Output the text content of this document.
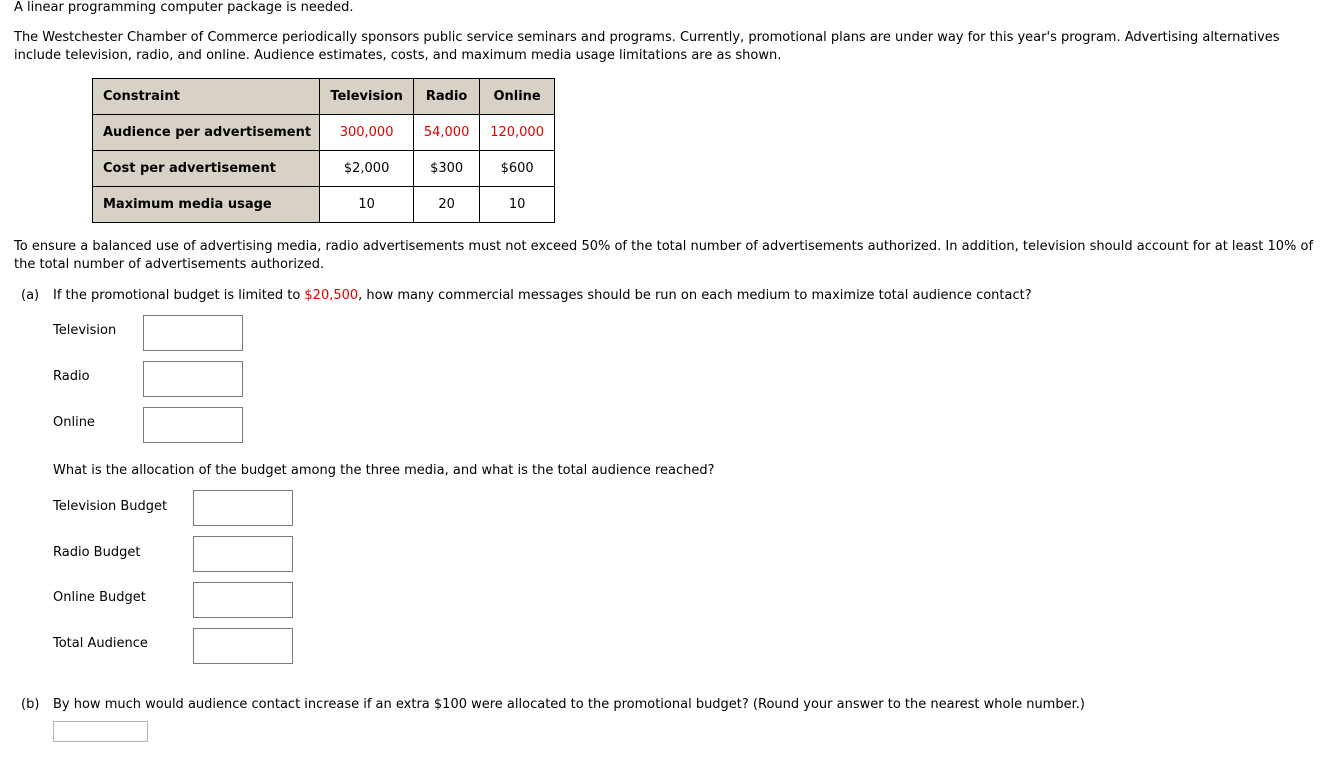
A linear programming computer package is needed.
The Westchester Chamber of Commerce periodically sponsors public service seminars and programs. Currently, promotional plans are under way for this year's program. Advertising alternatives
include television, radio, and online. Audience estimates, costs, and maximum media usage limitations are as shown.
Constraint	Television	Radio	Online
Audience per advertisement	300,000	54,000	120,000
Cost per advertisement	$2,000	$300	$600
Maximum media usage	10	20	10
To ensure a balanced use of advertising media, radio advertisements must not exceed 50% of the total number of advertisements authorized. In addition, television should account for at least 10% of
the total number of advertisements authorized.
(a) If the promotional budget is limited to $20,500, how many commercial messages should be run on each medium to maximize total audience contact?
Television
Radio
Online
What is the allocation of the budget among the three media, and what is the total audience reached?
Television Budget
Radio Budget
Online Budget
Total Audience
(b) By how much would audience contact increase if an extra $100 were allocated to the promotional budget? (Round your answer to the nearest whole number.)
